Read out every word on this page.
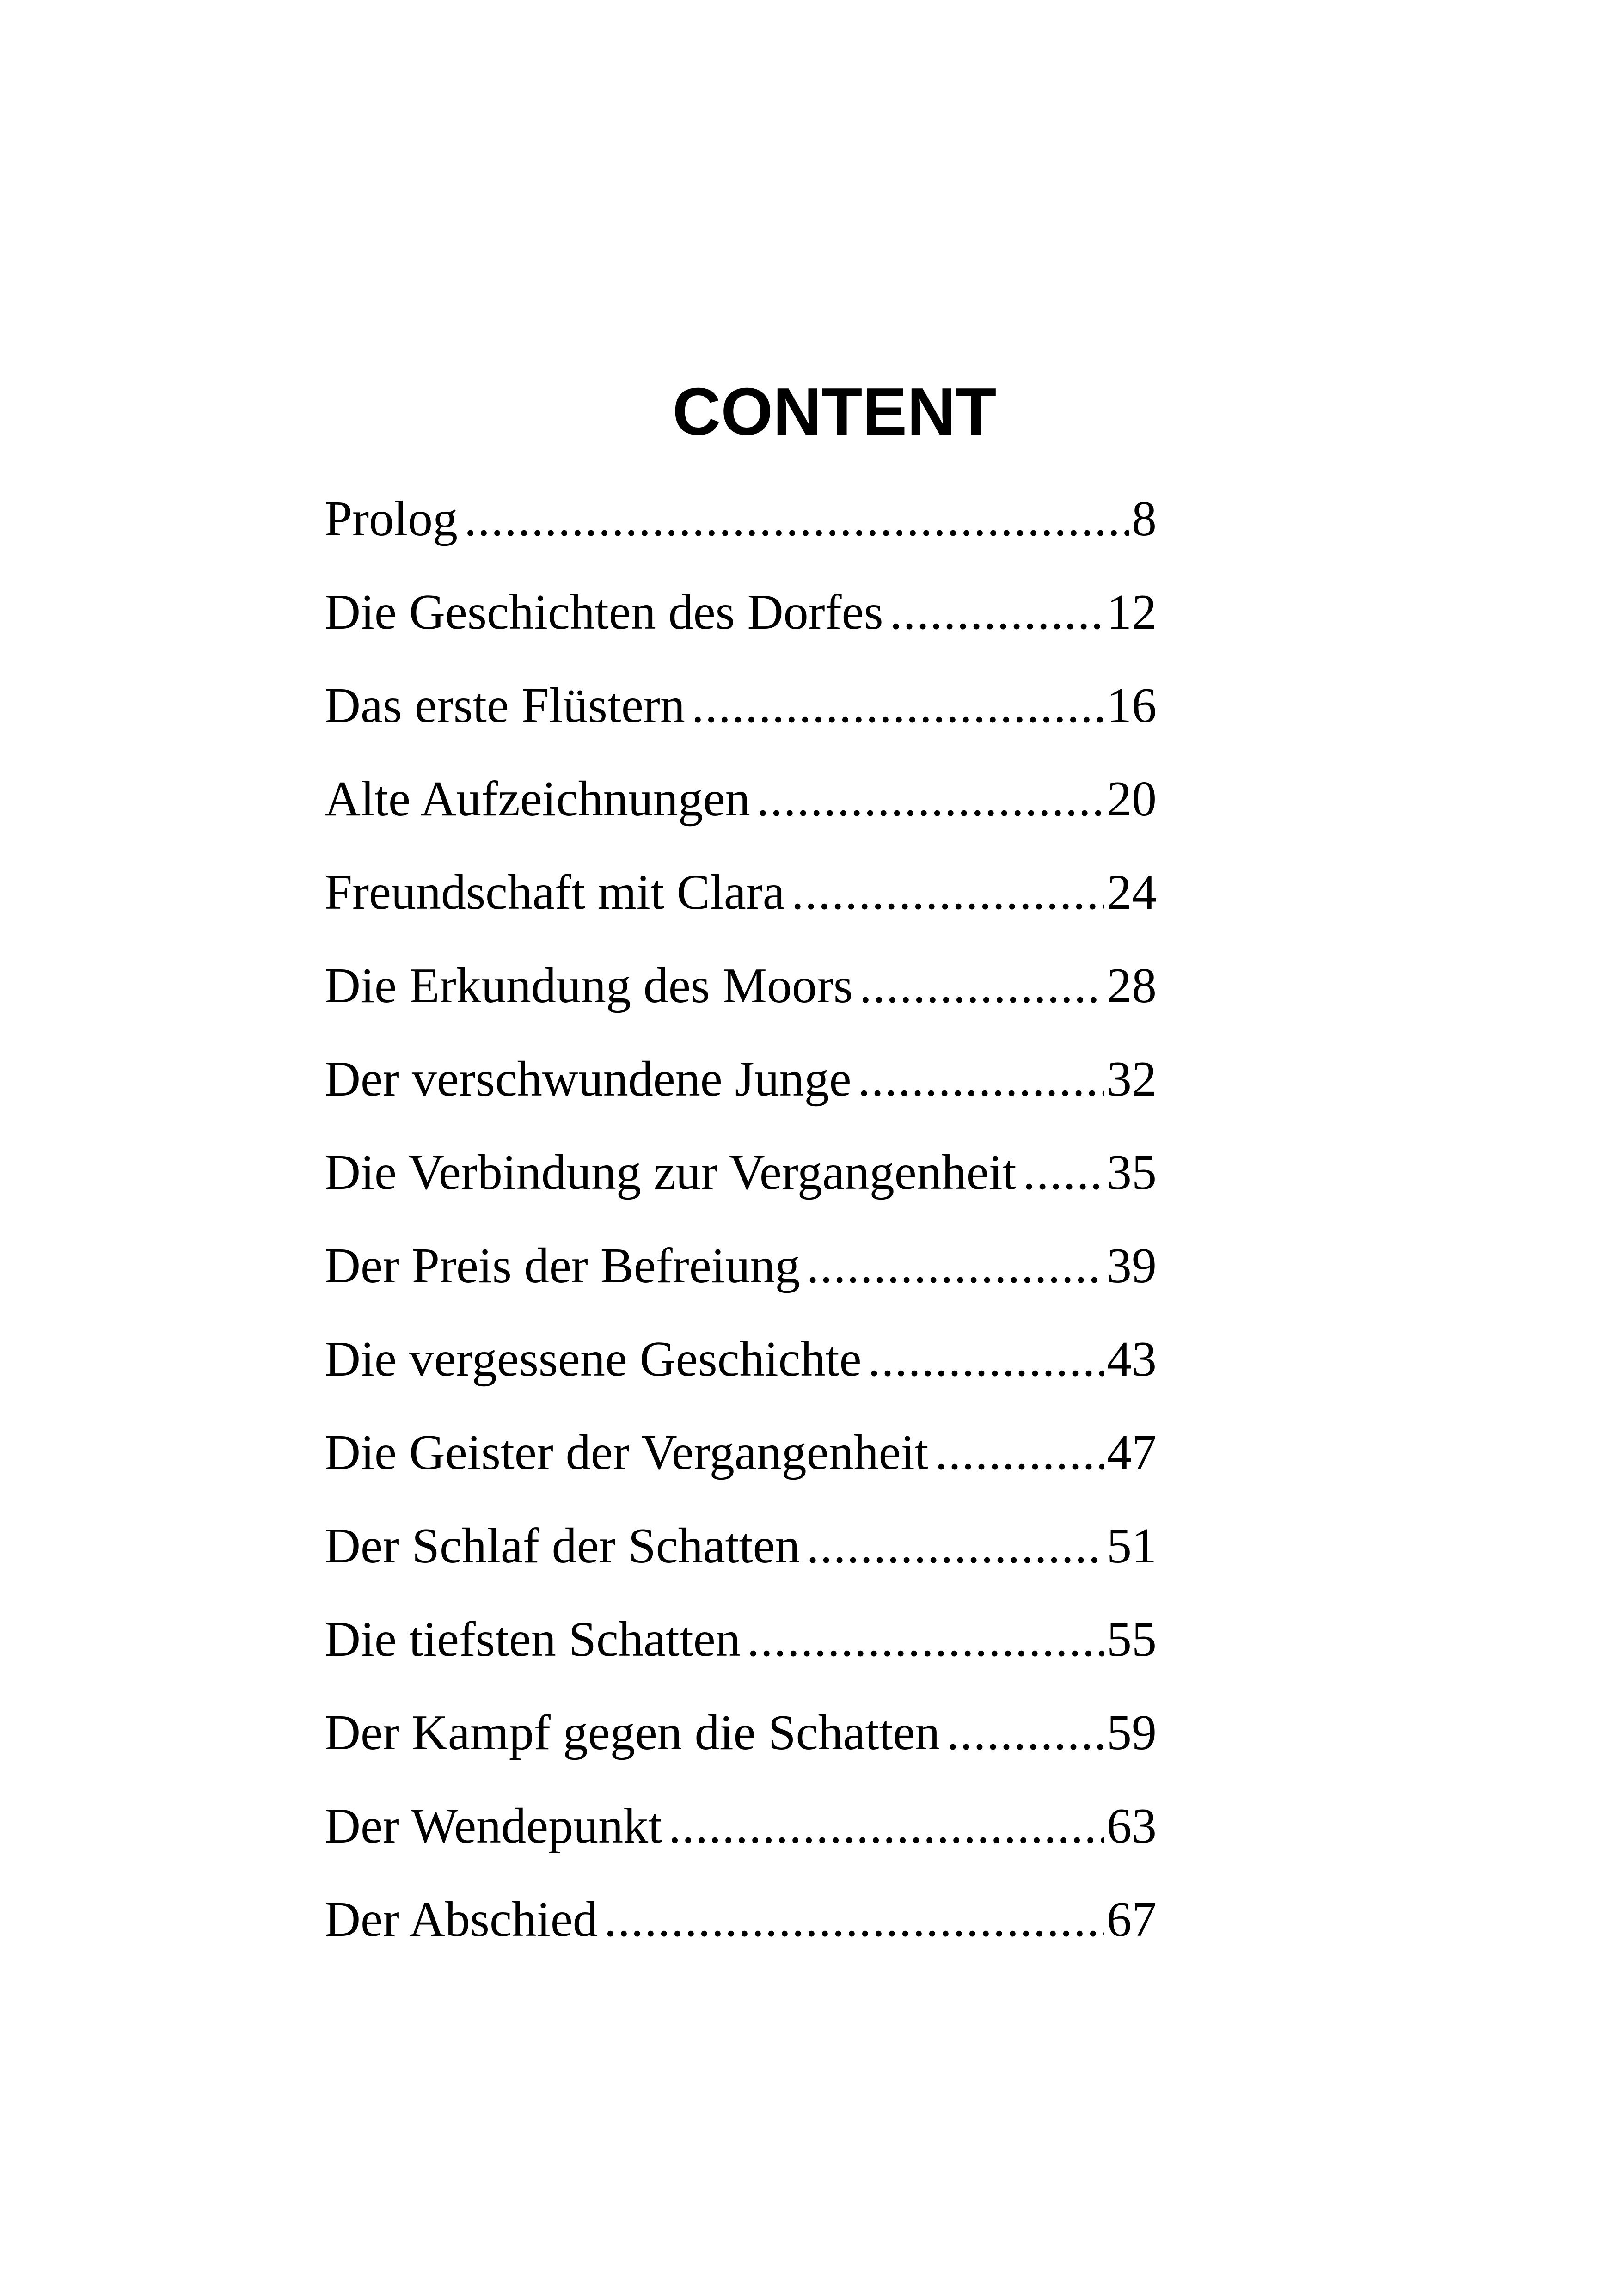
CONTENT
Prolog .....	8
Die Geschichten des Dorfes .....	12
Das erste Flüstern .....	16
Alte Aufzeichnungen .....	20
Freundschaft mit Clara .....	24
Die Erkundung des Moors .....	28
Der verschwundene Junge .....	32
Die Verbindung zur Vergangenheit ..... 35
Der Preis der Befreiung .....	39
Die vergessene Geschichte .....	43
Die Geister der Vergangenheit .....	47
Der Schlaf der Schatten .....	51
Die tiefsten Schatten .....	55
Der Kampf gegen die Schatten .....	59
Der Wendepunkt .....	63
Der Abschied .....	67
